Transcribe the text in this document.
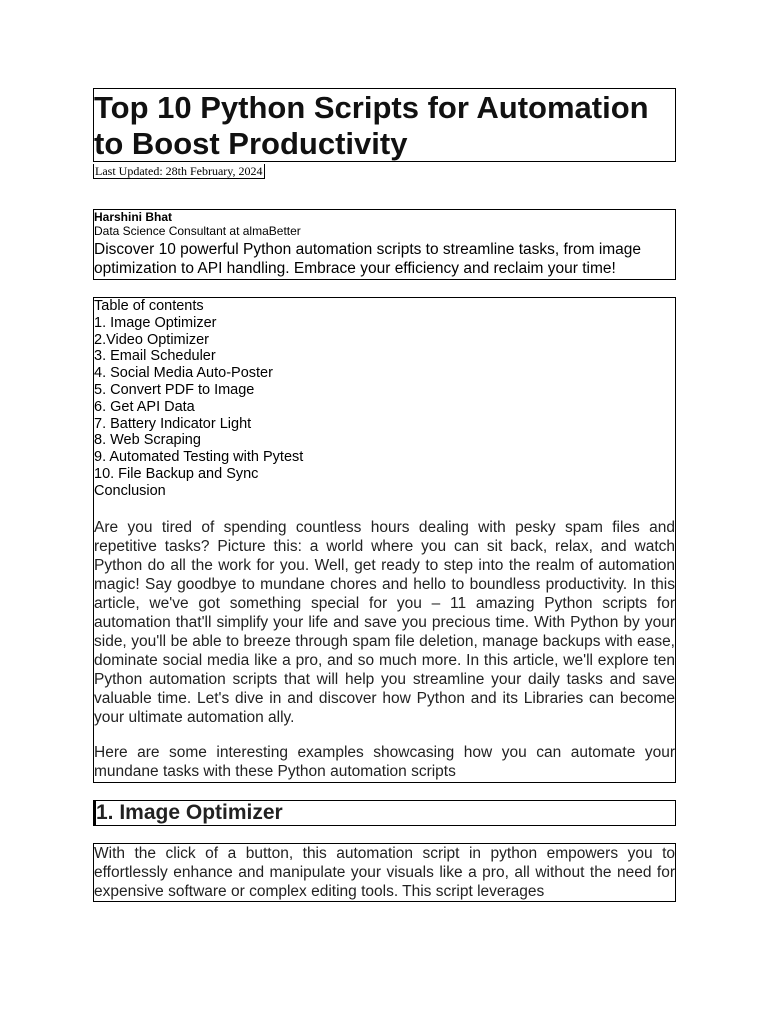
Top 10 Python Scripts for Automation to Boost Productivity
Last Updated: 28th February, 2024
Harshini Bhat
Data Science Consultant at almaBetter
Discover 10 powerful Python automation scripts to streamline tasks, from image optimization to API handling. Embrace your efficiency and reclaim your time!
Table of contents
1. Image Optimizer
2.Video Optimizer
3. Email Scheduler
4. Social Media Auto-Poster
5. Convert PDF to Image
6. Get API Data
7. Battery Indicator Light
8. Web Scraping
9. Automated Testing with Pytest
10. File Backup and Sync
Conclusion

Are you tired of spending countless hours dealing with pesky spam files and repetitive tasks? Picture this: a world where you can sit back, relax, and watch Python do all the work for you. Well, get ready to step into the realm of automation magic! Say goodbye to mundane chores and hello to boundless productivity. In this article, we've got something special for you – 11 amazing Python scripts for automation that'll simplify your life and save you precious time. With Python by your side, you'll be able to breeze through spam file deletion, manage backups with ease, dominate social media like a pro, and so much more. In this article, we'll explore ten Python automation scripts that will help you streamline your daily tasks and save valuable time. Let's dive in and discover how Python and its Libraries can become your ultimate automation ally.

Here are some interesting examples showcasing how you can automate your mundane tasks with these Python automation scripts

1. Image Optimizer

With the click of a button, this automation script in python empowers you to effortlessly enhance and manipulate your visuals like a pro, all without the need for expensive software or complex editing tools. This script leverages
